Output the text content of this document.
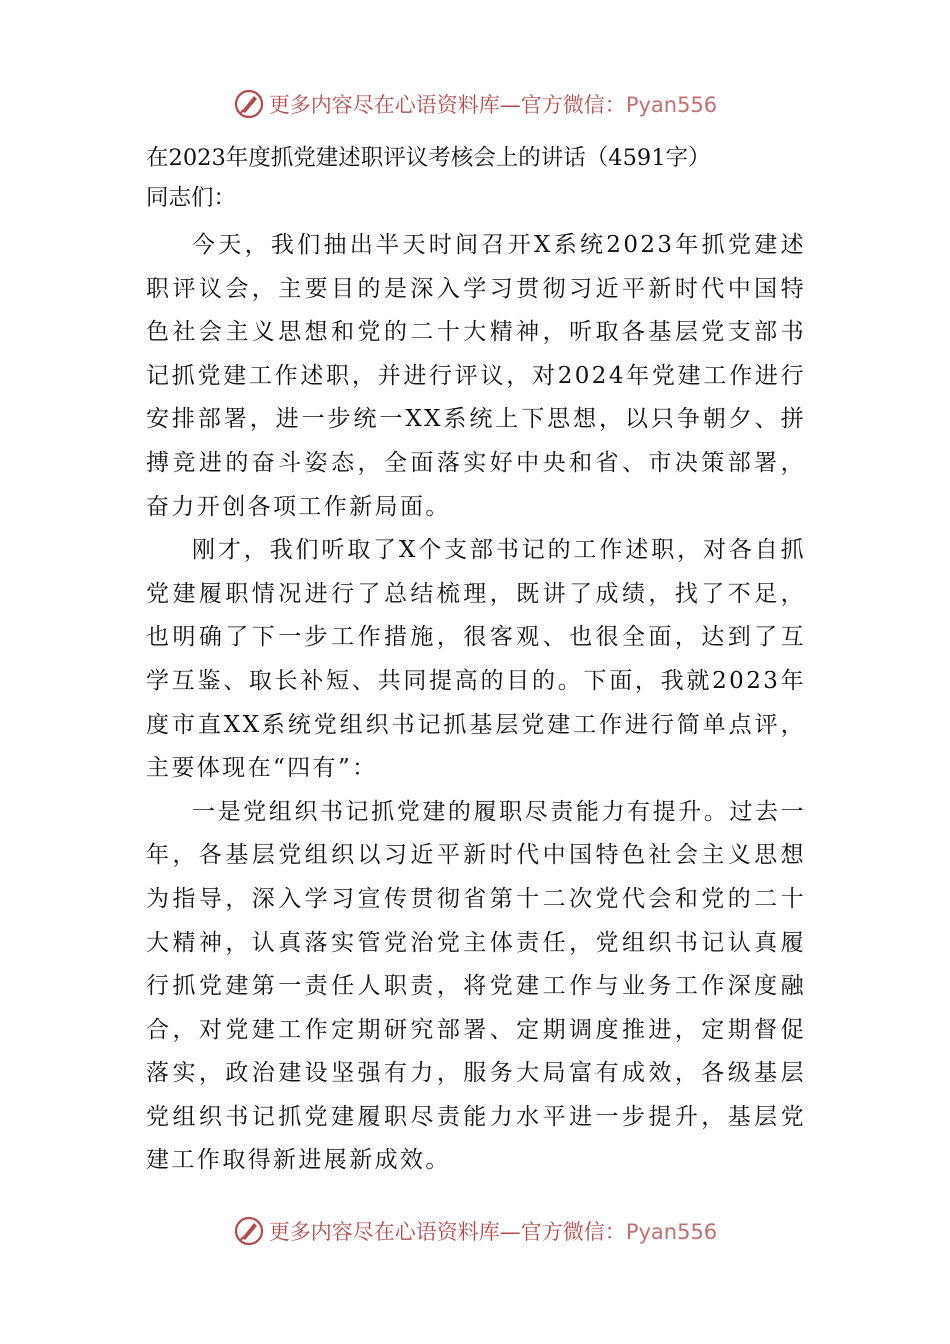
更多内容尽在心语资料库—官方微信：Pyan556
在2023年度抓党建述职评议考核会上的讲话（4591字）

同志们：

今天，我们抽出半天时间召开X系统2023年抓党建述职评议会，主要目的是深入学习贯彻习近平新时代中国特色社会主义思想和党的二十大精神，听取各基层党支部书记抓党建工作述职，并进行评议，对2024年党建工作进行安排部署，进一步统一XX系统上下思想，以只争朝夕、拼搏竞进的奋斗姿态，全面落实好中央和省、市决策部署，奋力开创各项工作新局面。

刚才，我们听取了X个支部书记的工作述职，对各自抓党建履职情况进行了总结梳理，既讲了成绩，找了不足，也明确了下一步工作措施，很客观、也很全面，达到了互学互鉴、取长补短、共同提高的目的。下面，我就2023年度市直XX系统党组织书记抓基层党建工作进行简单点评，主要体现在“四有”：

一是党组织书记抓党建的履职尽责能力有提升。过去一年，各基层党组织以习近平新时代中国特色社会主义思想为指导，深入学习宣传贯彻省第十二次党代会和党的二十大精神，认真落实管党治党主体责任，党组织书记认真履行抓党建第一责任人职责，将党建工作与业务工作深度融合，对党建工作定期研究部署、定期调度推进，定期督促落实，政治建设坚强有力，服务大局富有成效，各级基层党组织书记抓党建履职尽责能力水平进一步提升，基层党建工作取得新进展新成效。

更多内容尽在心语资料库—官方微信：Pyan556
